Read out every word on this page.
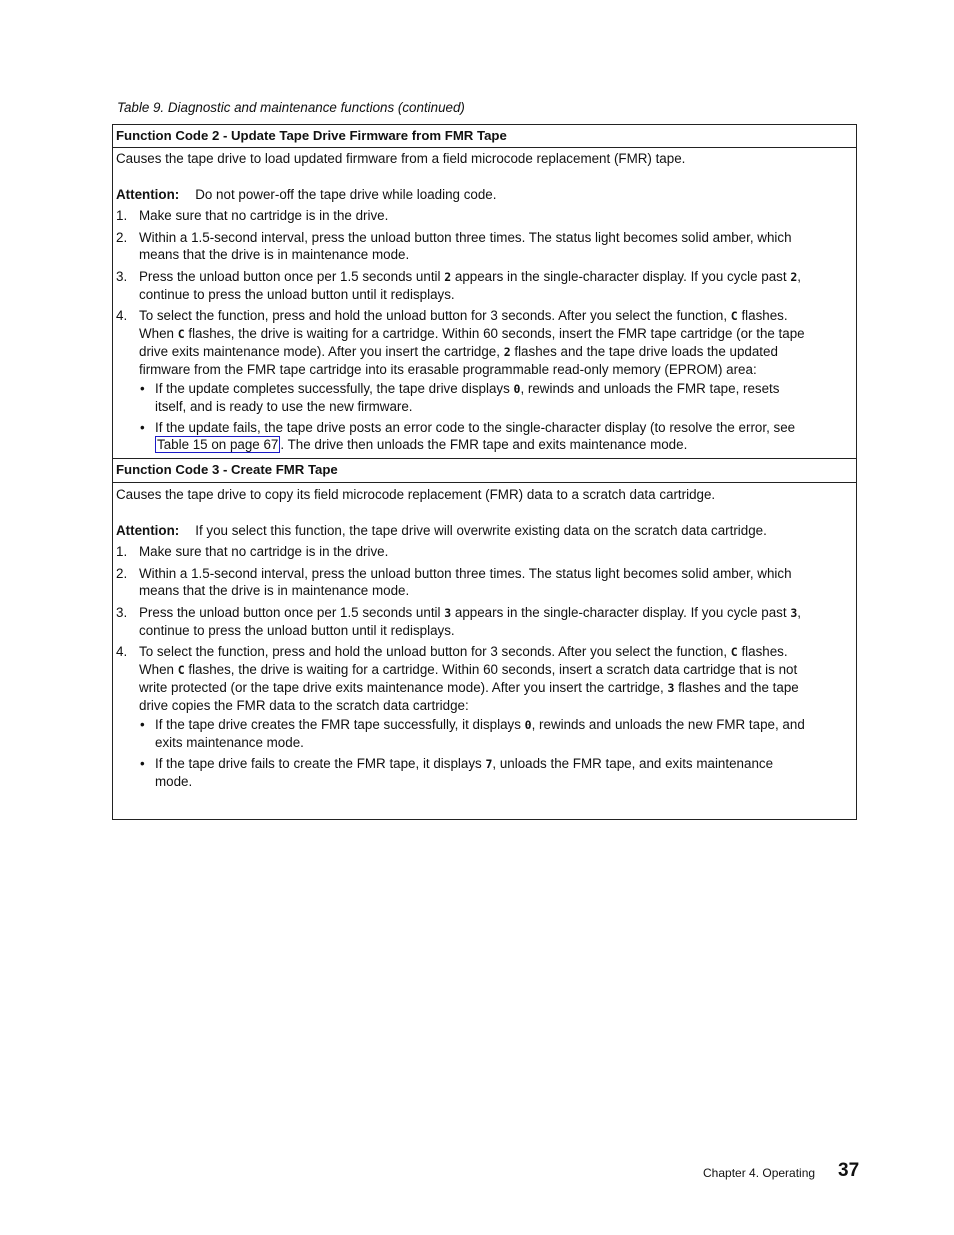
Table 9. Diagnostic and maintenance functions (continued)
Function Code 2 - Update Tape Drive Firmware from FMR Tape
Causes the tape drive to load updated firmware from a field microcode replacement (FMR) tape.
Attention: Do not power-off the tape drive while loading code.
1. Make sure that no cartridge is in the drive.
2. Within a 1.5-second interval, press the unload button three times. The status light becomes solid amber, which
means that the drive is in maintenance mode.
3. Press the unload button once per 1.5 seconds until 2 appears in the single-character display. If you cycle past 2,
continue to press the unload button until it redisplays.
4. To select the function, press and hold the unload button for 3 seconds. After you select the function, C flashes.
When C flashes, the drive is waiting for a cartridge. Within 60 seconds, insert the FMR tape cartridge (or the tape
drive exits maintenance mode). After you insert the cartridge, 2 flashes and the tape drive loads the updated
firmware from the FMR tape cartridge into its erasable programmable read-only memory (EPROM) area:
• If the update completes successfully, the tape drive displays 0, rewinds and unloads the FMR tape, resets
itself, and is ready to use the new firmware.
• If the update fails, the tape drive posts an error code to the single-character display (to resolve the error, see
Table 15 on page 67 . The drive then unloads the FMR tape and exits maintenance mode.
Function Code 3 - Create FMR Tape
Causes the tape drive to copy its field microcode replacement (FMR) data to a scratch data cartridge.
Attention: If you select this function, the tape drive will overwrite existing data on the scratch data cartridge.
1. Make sure that no cartridge is in the drive.
2. Within a 1.5-second interval, press the unload button three times. The status light becomes solid amber, which
means that the drive is in maintenance mode.
3. Press the unload button once per 1.5 seconds until 3 appears in the single-character display. If you cycle past 3,
continue to press the unload button until it redisplays.
4. To select the function, press and hold the unload button for 3 seconds. After you select the function, C flashes.
When C flashes, the drive is waiting for a cartridge. Within 60 seconds, insert a scratch data cartridge that is not
write protected (or the tape drive exits maintenance mode). After you insert the cartridge, 3 flashes and the tape
drive copies the FMR data to the scratch data cartridge:
• If the tape drive creates the FMR tape successfully, it displays 0, rewinds and unloads the new FMR tape, and
exits maintenance mode.
• If the tape drive fails to create the FMR tape, it displays 7, unloads the FMR tape, and exits maintenance
mode.
Chapter 4. Operating 37
